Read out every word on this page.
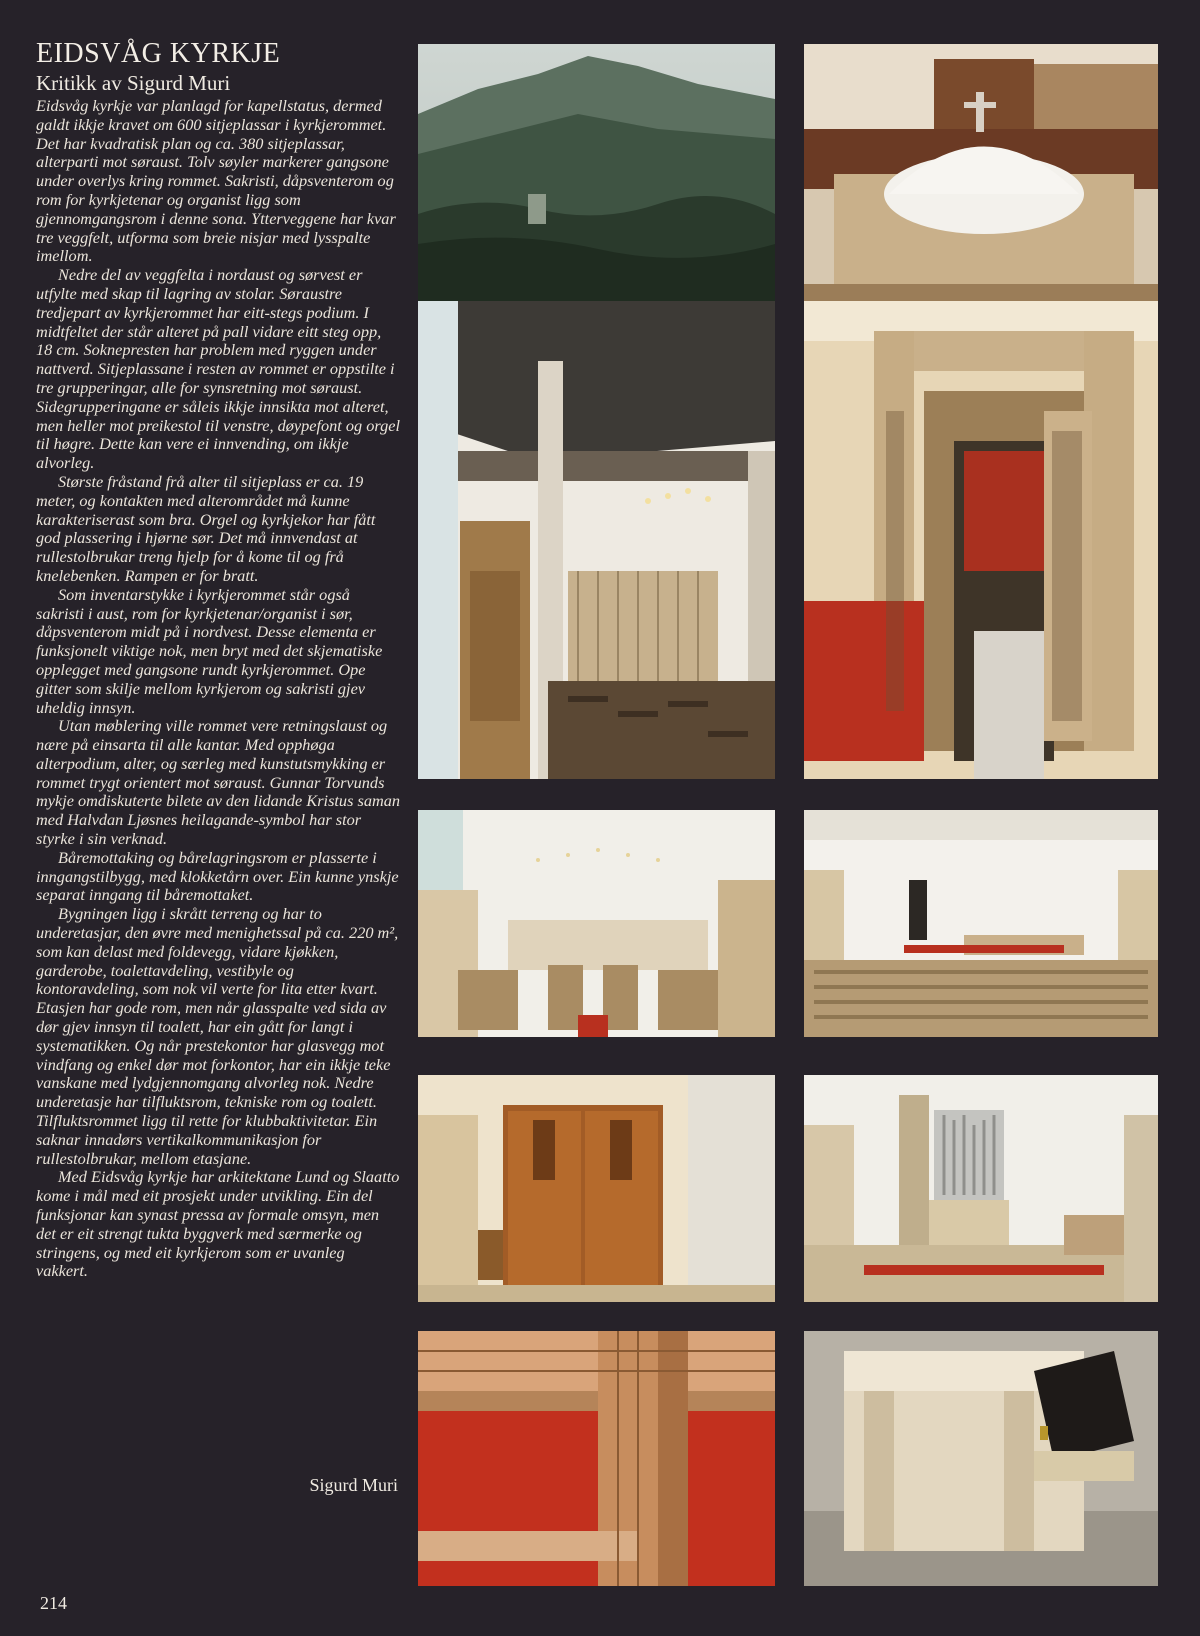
EIDSVÅG KYRKJE
Kritikk av Sigurd Muri

Eidsvåg kyrkje var planlagd for kapellstatus, dermed galdt ikkje kravet om 600 sitjeplassar i kyrkjerommet. Det har kvadratisk plan og ca. 380 sitjeplassar, alterparti mot søraust. Tolv søyler markerer gangsone under overlys kring rommet. Sakristi, dåpsventerom og rom for kyrkjetenar og organist ligg som gjennomgangsrom i denne sona. Ytterveggene har kvar tre veggfelt, utforma som breie nisjar med lysspalte imellom.

Nedre del av veggfelta i nordaust og sørvest er utfylte med skap til lagring av stolar. Søraustre tredjepart av kyrkjerommet har eitt-stegs podium. I midtfeltet der står alteret på pall vidare eitt steg opp, 18 cm. Soknepresten har problem med ryggen under nattverd. Sitjeplassane i resten av rommet er oppstilte i tre grupperingar, alle for synsretning mot søraust. Sidegrupperingane er såleis ikkje innsikta mot alteret, men heller mot preikestol til venstre, døypefont og orgel til høgre. Dette kan vere ei innvending, om ikkje alvorleg.

Største fråstand frå alter til sitjeplass er ca. 19 meter, og kontakten med alterområdet må kunne karakteriserast som bra. Orgel og kyrkjekor har fått god plassering i hjørne sør. Det må innvendast at rullestolbrukar treng hjelp for å kome til og frå knelebenken. Rampen er for bratt.

Som inventarstykke i kyrkjerommet står også sakristi i aust, rom for kyrkjetenar/organist i sør, dåpsventerom midt på i nordvest. Desse elementa er funksjonelt viktige nok, men bryt med det skjematiske opplegget med gangsone rundt kyrkjerommet. Ope gitter som skilje mellom kyrkjerom og sakristi gjev uheldig innsyn.

Utan møblering ville rommet vere retningslaust og nære på einsarta til alle kantar. Med opphøga alterpodium, alter, og særleg med kunstutsmykking er rommet trygt orientert mot søraust. Gunnar Torvunds mykje omdiskuterte bilete av den lidande Kristus saman med Halvdan Ljøsnes heilagande-symbol har stor styrke i sin verknad.

Båremottaking og bårelagringsrom er plasserte i inngangstilbygg, med klokketårn over. Ein kunne ynskje separat inngang til båremottaket.

Bygningen ligg i skrått terreng og har to underetasjar, den øvre med menighetssal på ca. 220 m², som kan delast med foldevegg, vidare kjøkken, garderobe, toalettavdeling, vestibyle og kontoravdeling, som nok vil verte for lita etter kvart. Etasjen har gode rom, men når glasspalte ved sida av dør gjev innsyn til toalett, har ein gått for langt i systematikken. Og når prestekontor har glasvegg mot vindfang og enkel dør mot forkontor, har ein ikkje teke vanskane med lydgjennomgang alvorleg nok. Nedre underetasje har tilfluktsrom, tekniske rom og toalett. Tilfluktsrommet ligg til rette for klubbaktivitetar. Ein saknar innadørs vertikalkommunikasjon for rullestolbrukar, mellom etasjane.

Med Eidsvåg kyrkje har arkitektane Lund og Slaatto kome i mål med eit prosjekt under utvikling. Ein del funksjonar kan synast pressa av formale omsyn, men det er eit strengt tukta byggverk med særmerke og stringens, og med eit kyrkjerom som er uvanleg vakkert.

Sigurd Muri
214
